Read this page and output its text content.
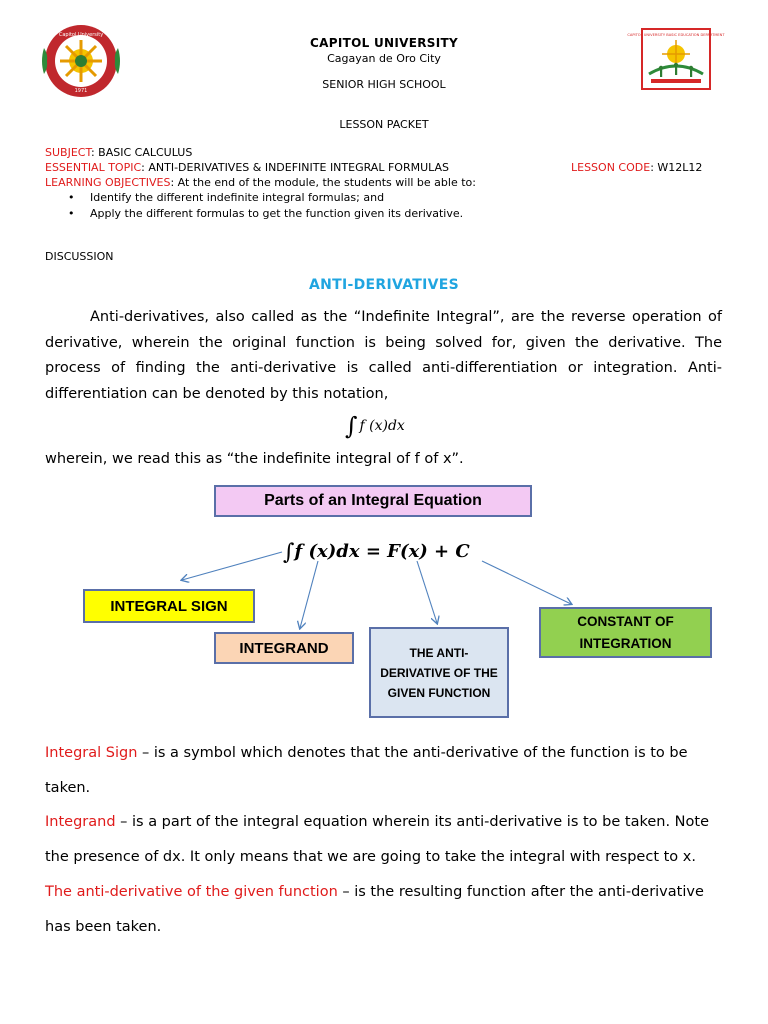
Capitol University
1971
CAPITOL UNIVERSITY BASIC EDUCATION DEPARTMENT
CAPITOL UNIVERSITY
Cagayan de Oro City
SENIOR HIGH SCHOOL
LESSON PACKET
SUBJECT: BASIC CALCULUS
ESSENTIAL TOPIC: ANTI-DERIVATIVES & INDEFINITE INTEGRAL FORMULAS	LESSON CODE: W12L12
LEARNING OBJECTIVES: At the end of the module, the students will be able to:
• Identify the different indefinite integral formulas; and
• Apply the different formulas to get the function given its derivative.
DISCUSSION
ANTI-DERIVATIVES

Anti-derivatives, also called as the “Indefinite Integral”, are the reverse operation of derivative, wherein the original function is being solved for, given the derivative. The process of finding the anti-derivative is called anti-differentiation or integration. Anti-differentiation can be denoted by this notation,

∫ f (x)dx
wherein, we read this as “the indefinite integral of f of x”.
Parts of an Integral Equation
∫f (x)dx = F(x) + C
INTEGRAL SIGN
INTEGRAND	THE ANTI-DERIVATIVE OF THE GIVEN FUNCTION
CONSTANT OF INTEGRATION

Integral Sign – is a symbol which denotes that the anti-derivative of the function is to be taken.

Integrand – is a part of the integral equation wherein its anti-derivative is to be taken. Note the presence of dx. It only means that we are going to take the integral with respect to x.

The anti-derivative of the given function – is the resulting function after the anti-derivative has been taken.
